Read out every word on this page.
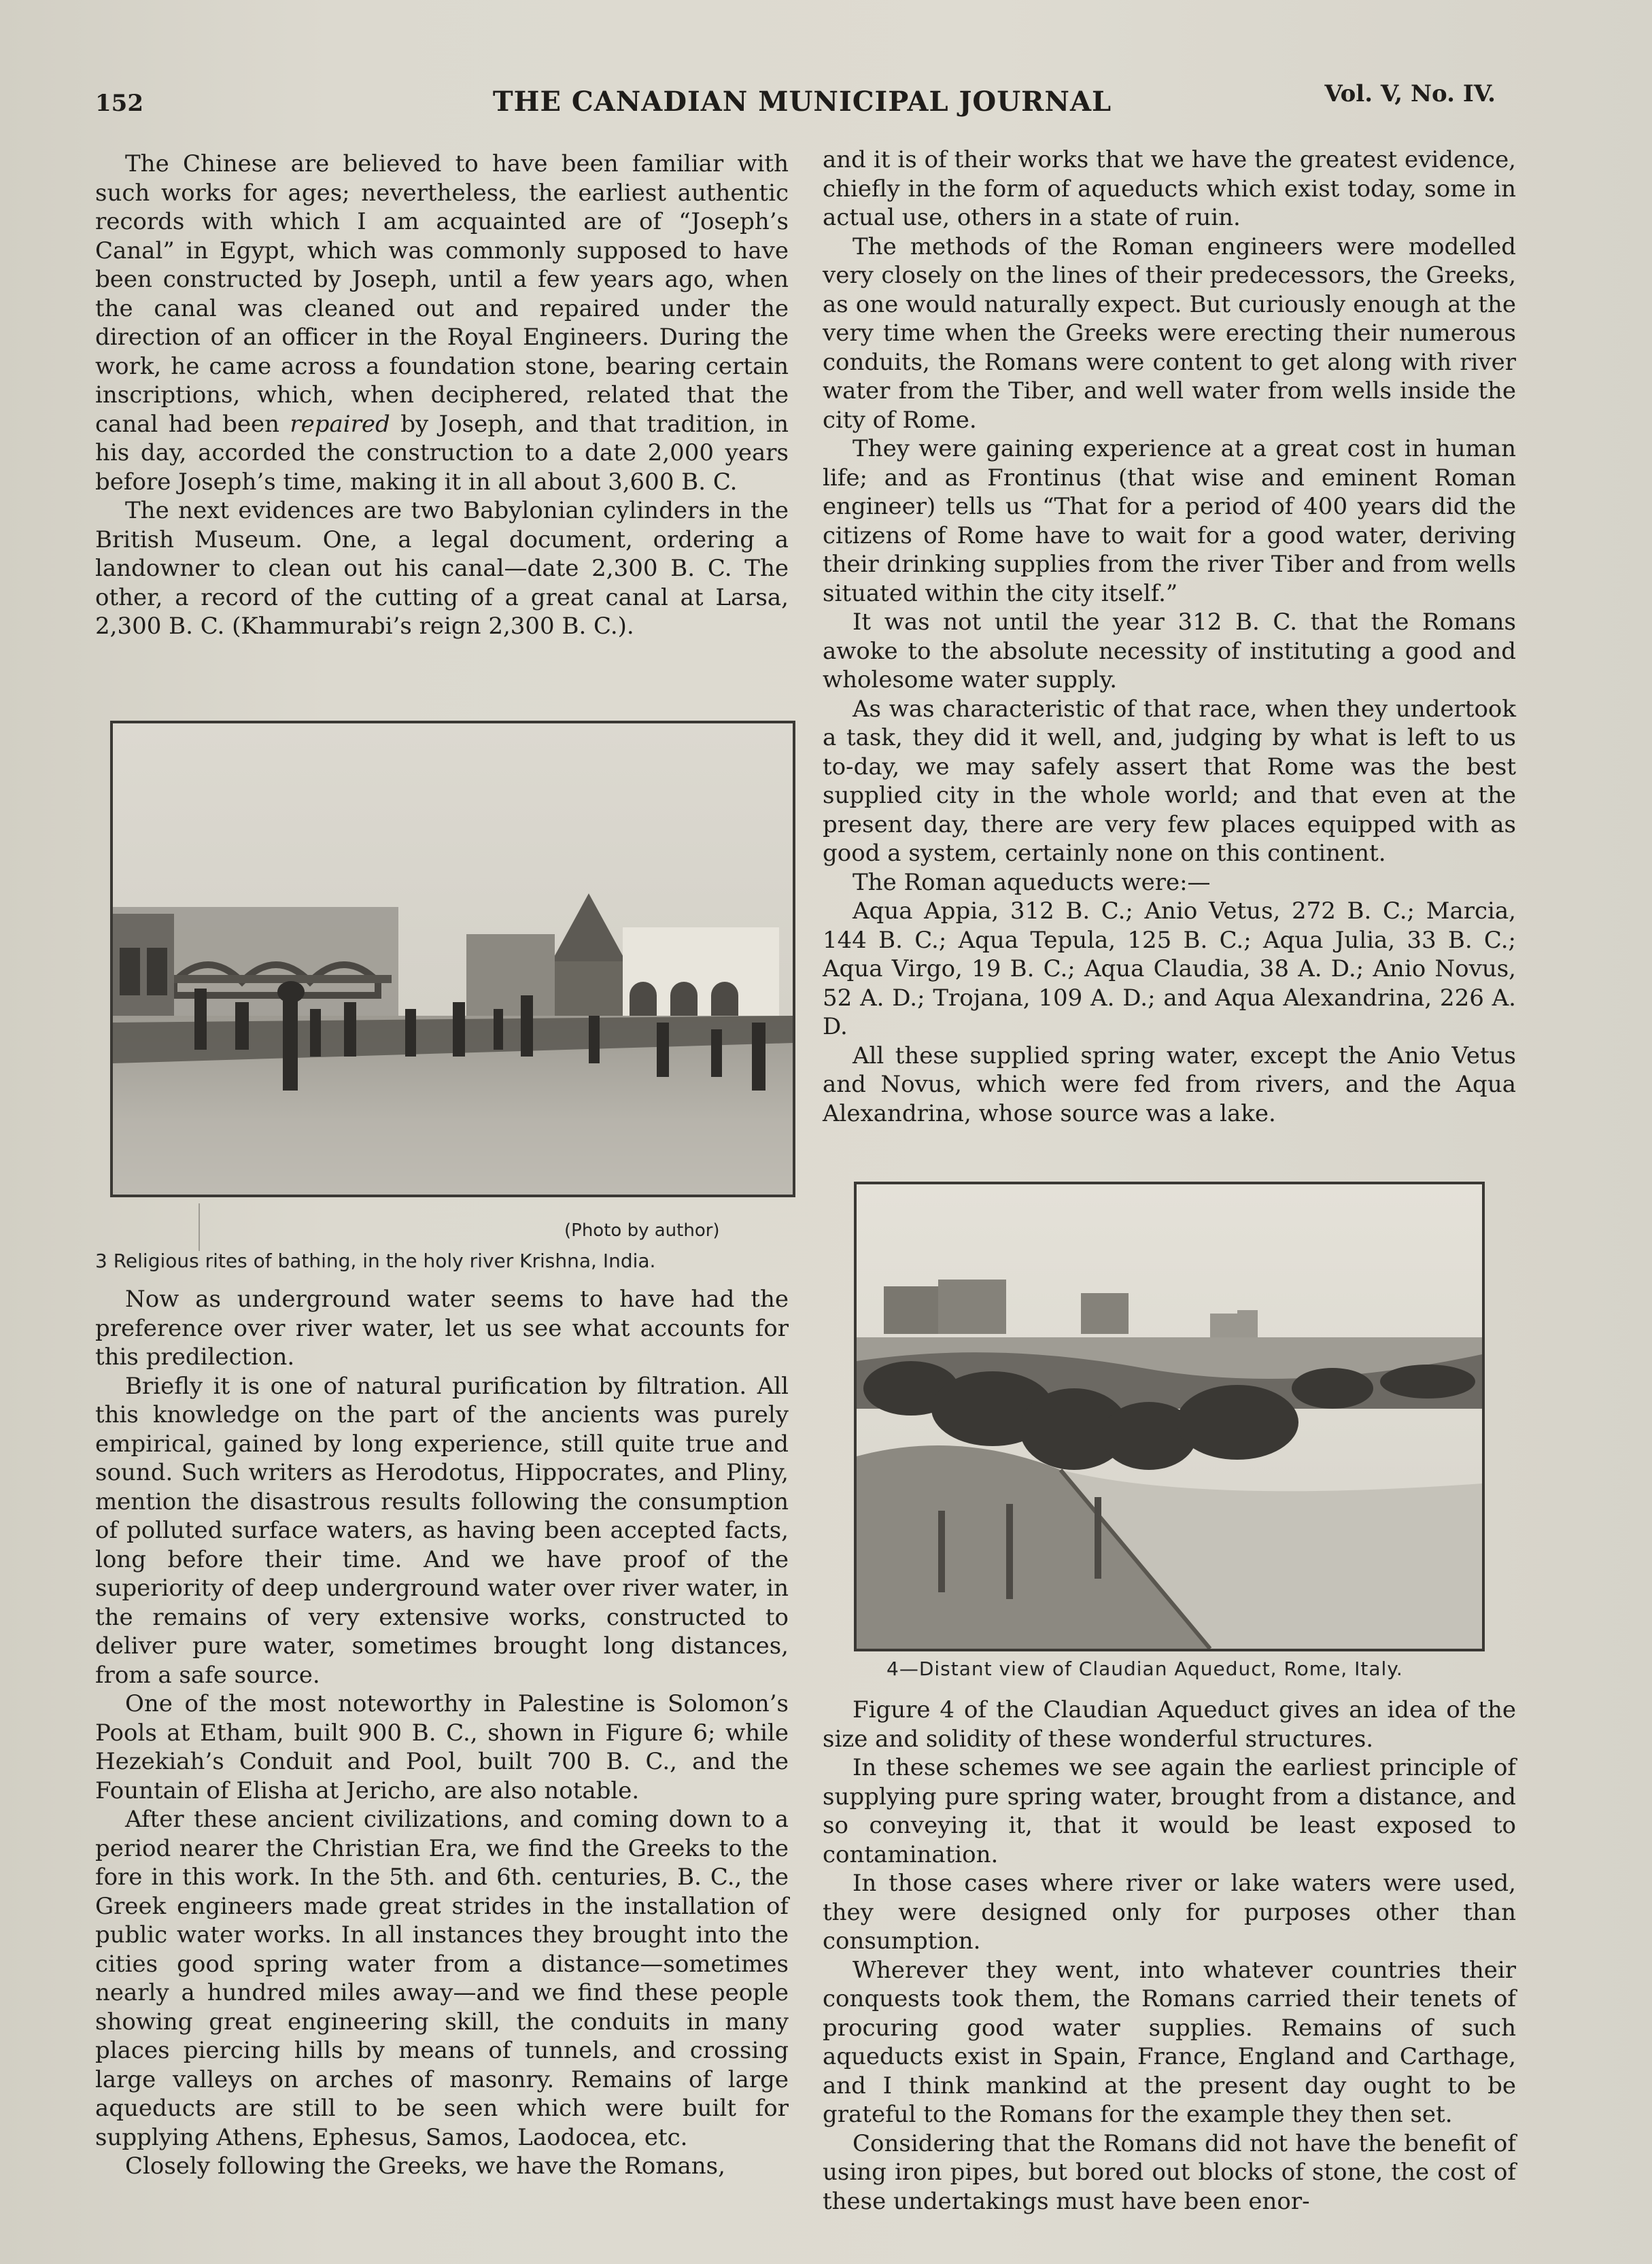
152	THE CANADIAN MUNICIPAL JOURNAL	Vol. V, No. IV.

The Chinese are believed to have been familiar with such works for ages; nevertheless, the earliest authentic records with which I am acquainted are of “Joseph’s Canal” in Egypt, which was commonly supposed to have been constructed by Joseph, until a few years ago, when the canal was cleaned out and repaired under the direction of an officer in the Royal Engineers. During the work, he came across a foundation stone, bearing certain inscriptions, which, when deciphered, related that the canal had been repaired by Joseph, and that tradition, in his day, accorded the construction to a date 2,000 years before Joseph’s time, making it in all about 3,600 B. C.

The next evidences are two Babylonian cylinders in the British Museum. One, a legal document, ordering a landowner to clean out his canal—date 2,300 B. C. The other, a record of the cutting of a great canal at Larsa, 2,300 B. C. (Khammurabi’s reign 2,300 B. C.).

(Photo by author)
3 Religious rites of bathing, in the holy river Krishna, India.

Now as underground water seems to have had the preference over river water, let us see what accounts for this predilection.

Briefly it is one of natural purification by filtration. All this knowledge on the part of the ancients was purely empirical, gained by long experience, still quite true and sound. Such writers as Herodotus, Hippocrates, and Pliny, mention the disastrous results following the consumption of polluted surface waters, as having been accepted facts, long before their time. And we have proof of the superiority of deep underground water over river water, in the remains of very extensive works, constructed to deliver pure water, sometimes brought long distances, from a safe source.

One of the most noteworthy in Palestine is Solomon’s Pools at Etham, built 900 B. C., shown in Figure 6; while Hezekiah’s Conduit and Pool, built 700 B. C., and the Fountain of Elisha at Jericho, are also notable.

After these ancient civilizations, and coming down to a period nearer the Christian Era, we find the Greeks to the fore in this work. In the 5th. and 6th. centuries, B. C., the Greek engineers made great strides in the installation of public water works. In all instances they brought into the cities good spring water from a distance—sometimes nearly a hundred miles away—and we find these people showing great engineering skill, the conduits in many places piercing hills by means of tunnels, and crossing large valleys on arches of masonry. Remains of large aqueducts are still to be seen which were built for supplying Athens, Ephesus, Samos, Laodocea, etc.

Closely following the Greeks, we have the Romans,

and it is of their works that we have the greatest evidence, chiefly in the form of aqueducts which exist today, some in actual use, others in a state of ruin.

The methods of the Roman engineers were modelled very closely on the lines of their predecessors, the Greeks, as one would naturally expect. But curiously enough at the very time when the Greeks were erecting their numerous conduits, the Romans were content to get along with river water from the Tiber, and well water from wells inside the city of Rome.

They were gaining experience at a great cost in human life; and as Frontinus (that wise and eminent Roman engineer) tells us “That for a period of 400 years did the citizens of Rome have to wait for a good water, deriving their drinking supplies from the river Tiber and from wells situated within the city itself.”

It was not until the year 312 B. C. that the Romans awoke to the absolute necessity of instituting a good and wholesome water supply.

As was characteristic of that race, when they undertook a task, they did it well, and, judging by what is left to us to-day, we may safely assert that Rome was the best supplied city in the whole world; and that even at the present day, there are very few places equipped with as good a system, certainly none on this continent.

The Roman aqueducts were:—

Aqua Appia, 312 B. C.; Anio Vetus, 272 B. C.; Marcia, 144 B. C.; Aqua Tepula, 125 B. C.; Aqua Julia, 33 B. C.; Aqua Virgo, 19 B. C.; Aqua Claudia, 38 A. D.; Anio Novus, 52 A. D.; Trojana, 109 A. D.; and Aqua Alexandrina, 226 A. D.

All these supplied spring water, except the Anio Vetus and Novus, which were fed from rivers, and the Aqua Alexandrina, whose source was a lake.

4—Distant view of Claudian Aqueduct, Rome, Italy.

Figure 4 of the Claudian Aqueduct gives an idea of the size and solidity of these wonderful structures.

In these schemes we see again the earliest principle of supplying pure spring water, brought from a distance, and so conveying it, that it would be least exposed to contamination.

In those cases where river or lake waters were used, they were designed only for purposes other than consumption.

Wherever they went, into whatever countries their conquests took them, the Romans carried their tenets of procuring good water supplies. Remains of such aqueducts exist in Spain, France, England and Carthage, and I think mankind at the present day ought to be grateful to the Romans for the example they then set.

Considering that the Romans did not have the benefit of using iron pipes, but bored out blocks of stone, the cost of these undertakings must have been enor-
